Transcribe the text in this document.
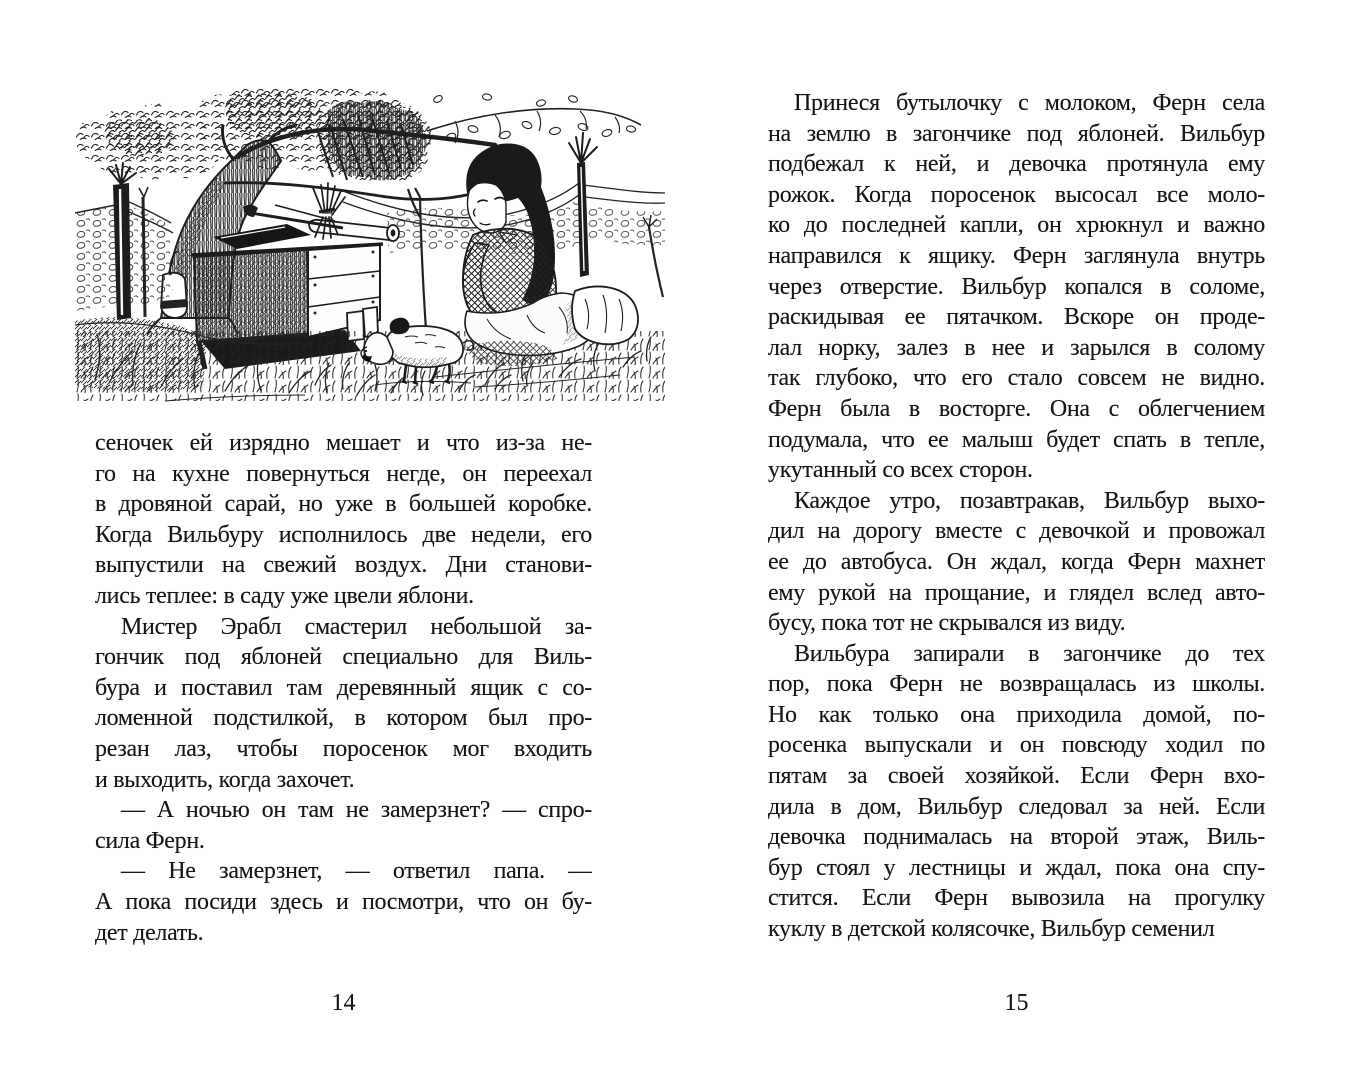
сеночек ей изрядно мешает и что из-за не-
го на кухне повернуться негде, он переехал
в дровяной сарай, но уже в большей коробке.
Когда Вильбуру исполнилось две недели, его
выпустили на свежий воздух. Дни станови-
лись теплее: в саду уже цвели яблони.
Мистер Эрабл смастерил небольшой за-
гончик под яблоней специально для Виль-
бура и поставил там деревянный ящик с со-
ломенной подстилкой, в котором был про-
резан лаз, чтобы поросенок мог входить
и выходить, когда захочет.
— А ночью он там не замерзнет? — спро-
сила Ферн.
— Не замерзнет, — ответил папа. —
А пока посиди здесь и посмотри, что он бу-
дет делать.
14
Принеся бутылочку с молоком, Ферн села
на землю в загончике под яблоней. Вильбур
подбежал к ней, и девочка протянула ему
рожок. Когда поросенок высосал все моло-
ко до последней капли, он хрюкнул и важно
направился к ящику. Ферн заглянула внутрь
через отверстие. Вильбур копался в соломе,
раскидывая ее пятачком. Вскоре он проде-
лал норку, залез в нее и зарылся в солому
так глубоко, что его стало совсем не видно.
Ферн была в восторге. Она с облегчением
подумала, что ее малыш будет спать в тепле,
укутанный со всех сторон.
Каждое утро, позавтракав, Вильбур выхо-
дил на дорогу вместе с девочкой и провожал
ее до автобуса. Он ждал, когда Ферн махнет
ему рукой на прощание, и глядел вслед авто-
бусу, пока тот не скрывался из виду.
Вильбура запирали в загончике до тех
пор, пока Ферн не возвращалась из школы.
Но как только она приходила домой, по-
росенка выпускали и он повсюду ходил по
пятам за своей хозяйкой. Если Ферн вхо-
дила в дом, Вильбур следовал за ней. Если
девочка поднималась на второй этаж, Виль-
бур стоял у лестницы и ждал, пока она спу-
стится. Если Ферн вывозила на прогулку
куклу в детской колясочке, Вильбур семенил
15
